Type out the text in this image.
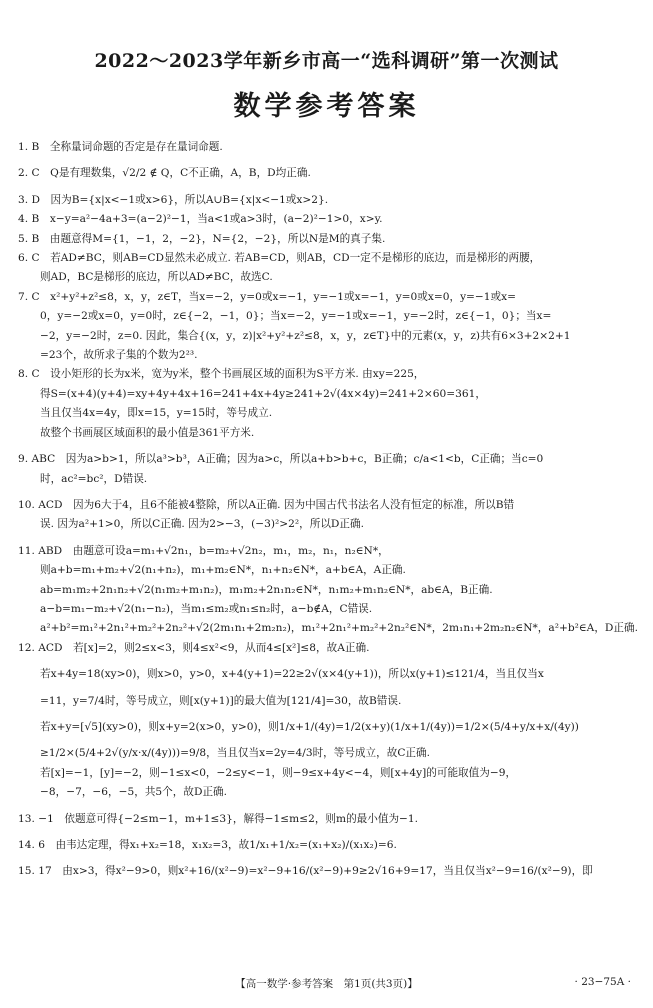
2022～2023学年新乡市高一“选科调研”第一次测试
数学参考答案
1. B　全称量词命题的否定是存在量词命题.
2. C　Q是有理数集，√2/2 ∉ Q，C不正确，A，B，D均正确.
3. D　因为B={x|x<−1或x>6}，所以A∪B={x|x<−1或x>2}.
4. B　x−y=a²−4a+3=(a−2)²−1，当a<1或a>3时，(a−2)²−1>0，x>y.
5. B　由题意得M={1，−1，2，−2}，N={2，−2}，所以N是M的真子集.
6. C　若AD≠BC，则AB=CD显然未必成立. 若AB=CD，则AB，CD一定不是梯形的底边，而是梯形的两腰，
则AD，BC是梯形的底边，所以AD≠BC，故选C.
7. C　x²+y²+z²≤8，x，y，z∈T，当x=−2，y=0或x=−1，y=−1或x=−1，y=0或x=0，y=−1或x=
0，y=−2或x=0，y=0时，z∈{−2，−1，0}；当x=−2，y=−1或x=−1，y=−2时，z∈{−1，0}；当x=
−2，y=−2时，z=0. 因此，集合{(x，y，z)|x²+y²+z²≤8，x，y，z∈T}中的元素(x，y，z)共有6×3+2×2+1
=23个，故所求子集的个数为2²³.
8. C　设小矩形的长为x米，宽为y米，整个书画展区域的面积为S平方米. 由xy=225，
得S=(x+4)(y+4)=xy+4y+4x+16=241+4x+4y≥241+2√(4x×4y)=241+2×60=361，
当且仅当4x=4y，即x=15，y=15时，等号成立.
故整个书画展区域面积的最小值是361平方米.
9. ABC　因为a>b>1，所以a³>b³，A正确；因为a>c，所以a+b>b+c，B正确；c/a<1<b，C正确；当c=0
时，ac²=bc²，D错误.
10. ACD　因为6大于4，且6不能被4整除，所以A正确. 因为中国古代书法名人没有恒定的标准，所以B错
误. 因为a²+1>0，所以C正确. 因为2>−3，(−3)²>2²，所以D正确.
11. ABD　由题意可设a=m₁+√2n₁，b=m₂+√2n₂，m₁，m₂，n₁，n₂∈N*，
则a+b=m₁+m₂+√2(n₁+n₂)，m₁+m₂∈N*，n₁+n₂∈N*，a+b∈A，A正确.
ab=m₁m₂+2n₁n₂+√2(n₁m₂+m₁n₂)，m₁m₂+2n₁n₂∈N*，n₁m₂+m₁n₂∈N*，ab∈A，B正确.
a−b=m₁−m₂+√2(n₁−n₂)，当m₁≤m₂或n₁≤n₂时，a−b∉A，C错误.
a²+b²=m₁²+2n₁²+m₂²+2n₂²+√2(2m₁n₁+2m₂n₂)，m₁²+2n₁²+m₂²+2n₂²∈N*，2m₁n₁+2m₂n₂∈N*，a²+b²∈A，D正确.
12. ACD　若[x]=2，则2≤x<3，则4≤x²<9，从而4≤[x²]≤8，故A正确.
若x+4y=18(xy>0)，则x>0，y>0，x+4(y+1)=22≥2√(x×4(y+1))，所以x(y+1)≤121/4，当且仅当x
=11，y=7/4时，等号成立，则[x(y+1)]的最大值为[121/4]=30，故B错误.
若x+y=[√5](xy>0)，则x+y=2(x>0，y>0)，则1/x+1/(4y)=1/2(x+y)(1/x+1/(4y))=1/2×(5/4+y/x+x/(4y))
≥1/2×(5/4+2√(y/x·x/(4y)))=9/8，当且仅当x=2y=4/3时，等号成立，故C正确.
若[x]=−1，[y]=−2，则−1≤x<0，−2≤y<−1，则−9≤x+4y<−4，则[x+4y]的可能取值为−9，
−8，−7，−6，−5，共5个，故D正确.
13. −1　依题意可得{−2≤m−1，m+1≤3}，解得−1≤m≤2，则m的最小值为−1.
14. 6　由韦达定理，得x₁+x₂=18，x₁x₂=3，故1/x₁+1/x₂=(x₁+x₂)/(x₁x₂)=6.
15. 17　由x>3，得x²−9>0，则x²+16/(x²−9)=x²−9+16/(x²−9)+9≥2√16+9=17，当且仅当x²−9=16/(x²−9)，即
【高一数学·参考答案　第1页(共3页)】	· 23−75A ·
